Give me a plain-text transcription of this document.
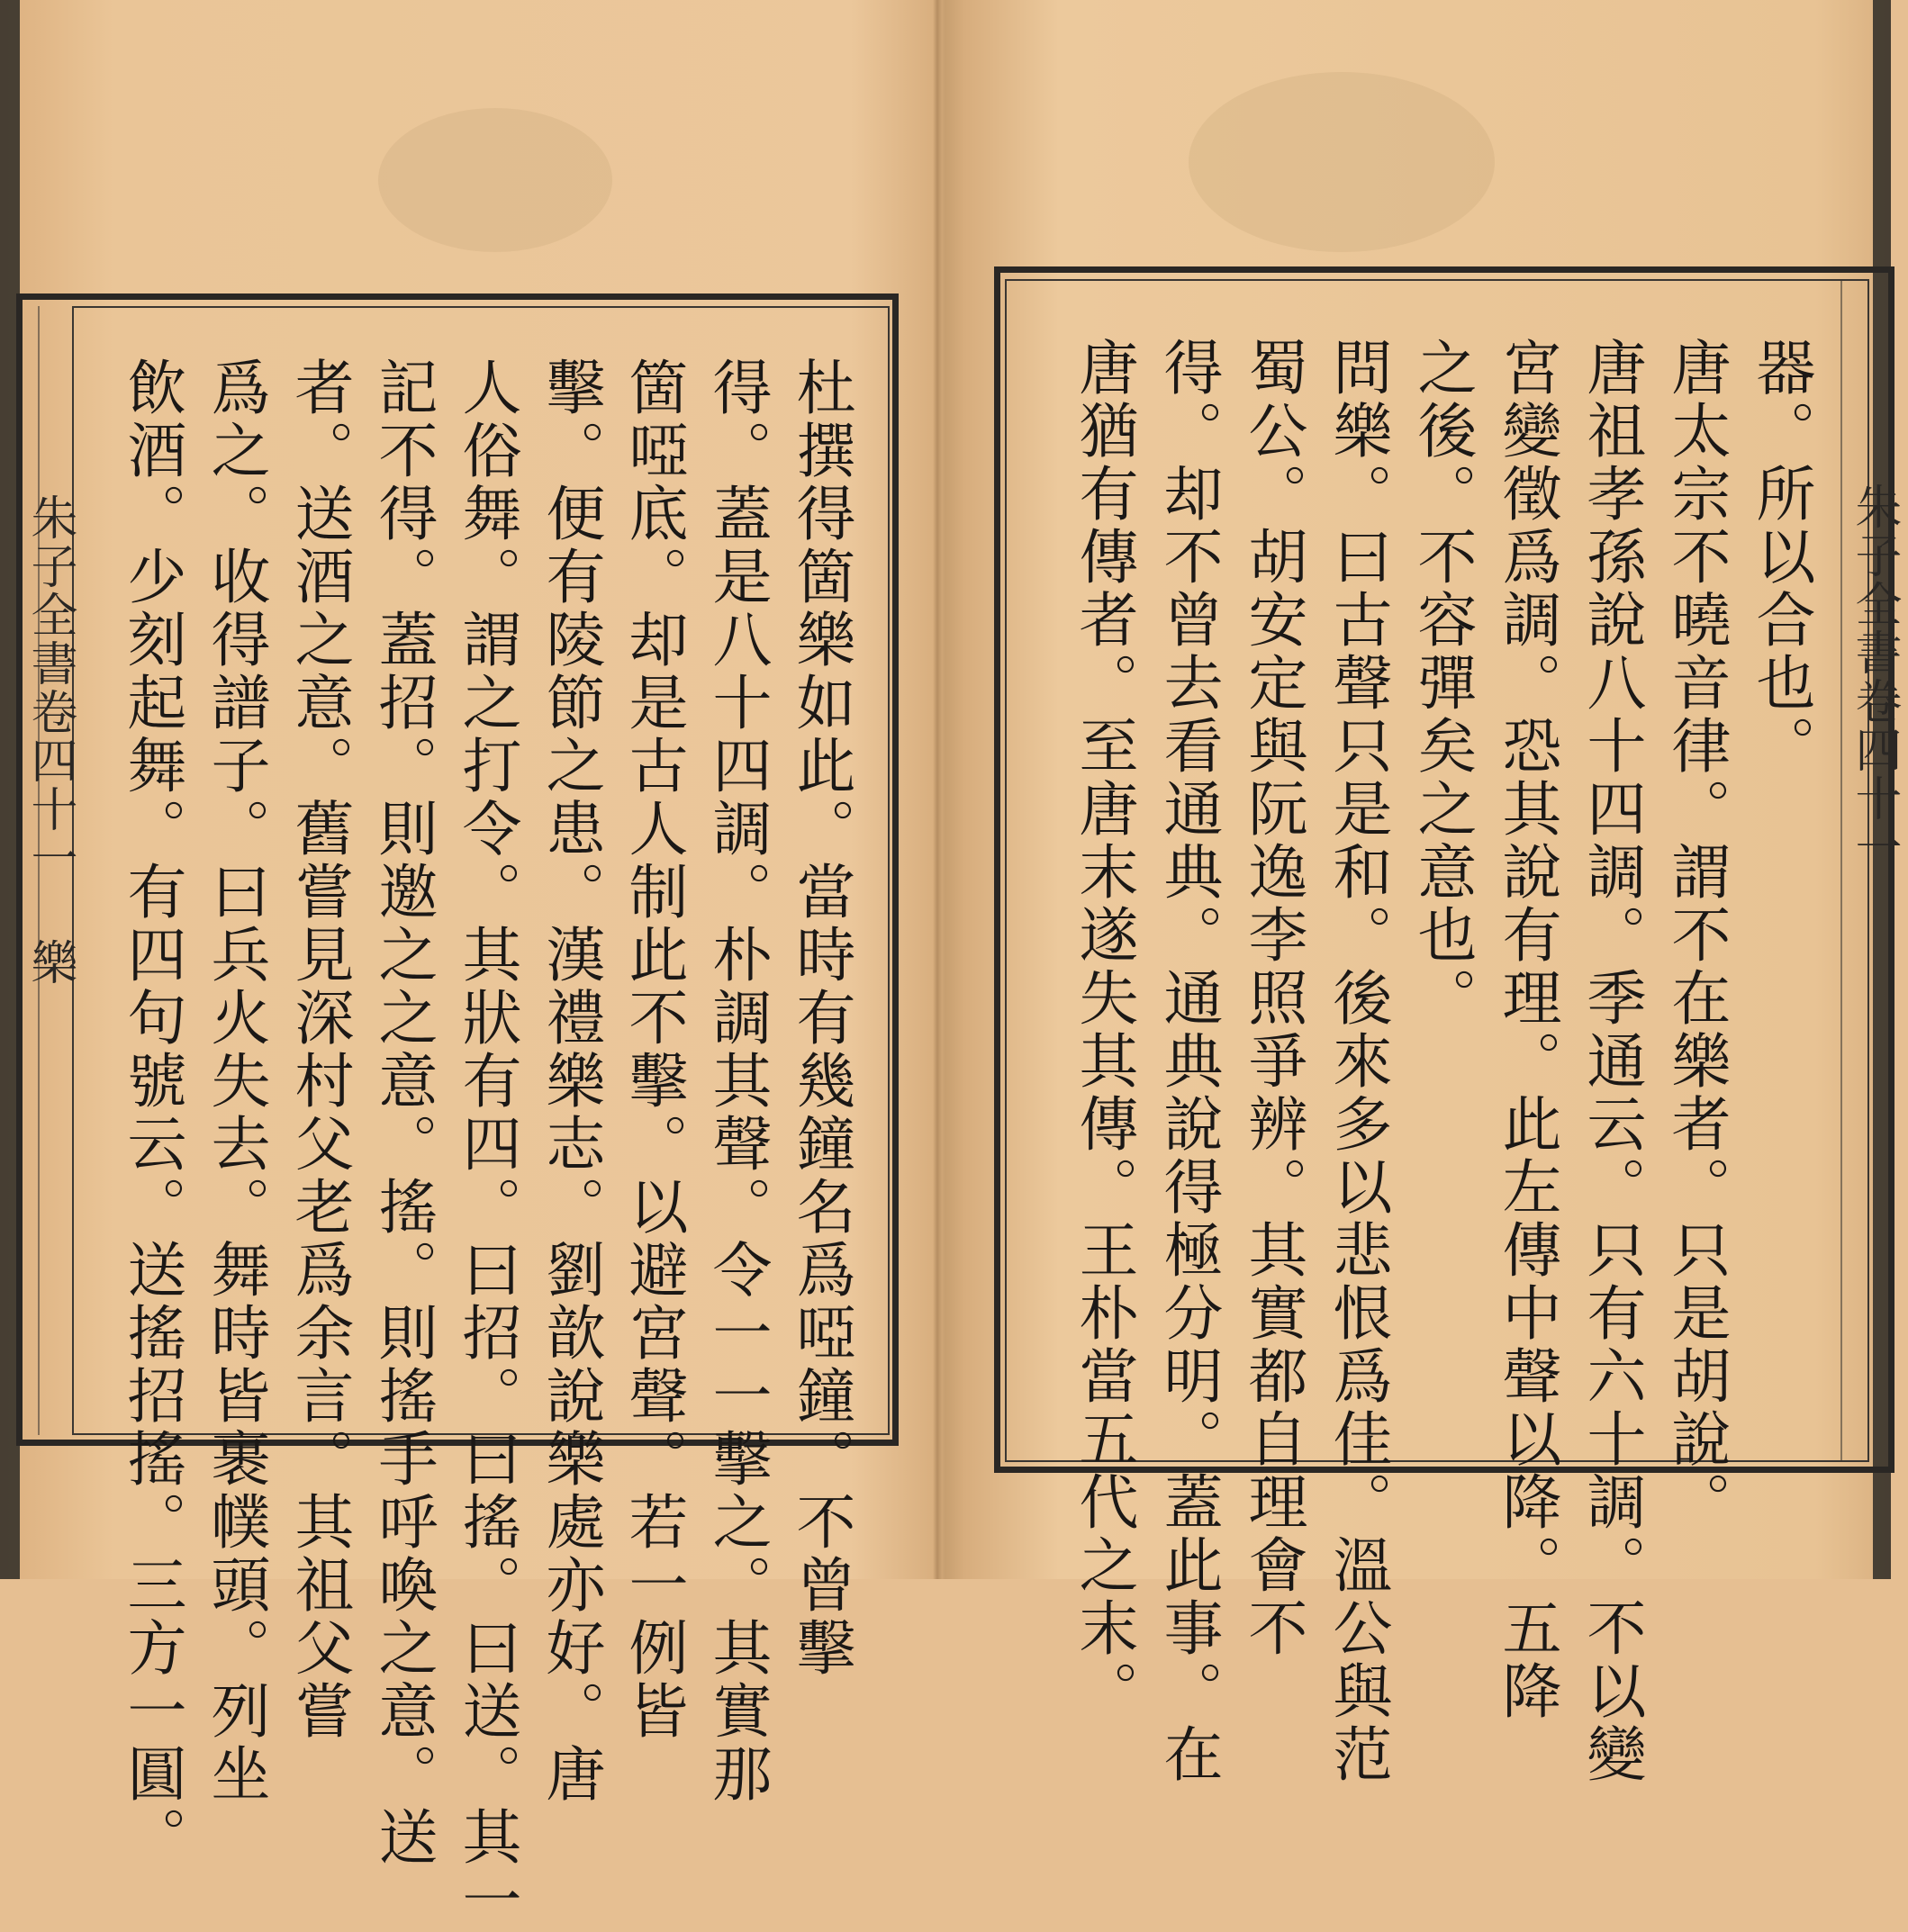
朱子全書卷四十一 樂	杜撰得箇樂如此。當時有幾鐘名爲啞鐘。不曾擊
得。蓋是八十四調。朴調其聲。令一一擊之。其實那
箇啞底。却是古人制此不擊。以避宮聲。若一例皆
擊。便有陵節之患。漢禮樂志。劉歆說樂處亦好。唐
人俗舞。謂之打令。其狀有四。曰招。曰搖。曰送。其一
記不得。蓋招。則邀之之意。搖。則搖手呼喚之意。送
者。送酒之意。舊嘗見深村父老爲余言。其祖父嘗
爲之。收得譜子。曰兵火失去。舞時皆裹幞頭。列坐
飲酒。少刻起舞。有四句號云。送搖招搖。三方一圓。	朱子全書卷四十一
器。所以合也。
唐太宗不曉音律。謂不在樂者。只是胡說。
唐祖孝孫說八十四調。季通云。只有六十調。不以變
宮變徵爲調。恐其說有理。此左傳中聲以降。五降
之後。不容彈矣之意也。
問樂。曰古聲只是和。後來多以悲恨爲佳。溫公與范
蜀公。胡安定與阮逸李照爭辨。其實都自理會不
得。却不曾去看通典。通典說得極分明。蓋此事。在
唐猶有傳者。至唐末遂失其傳。王朴當五代之末。
